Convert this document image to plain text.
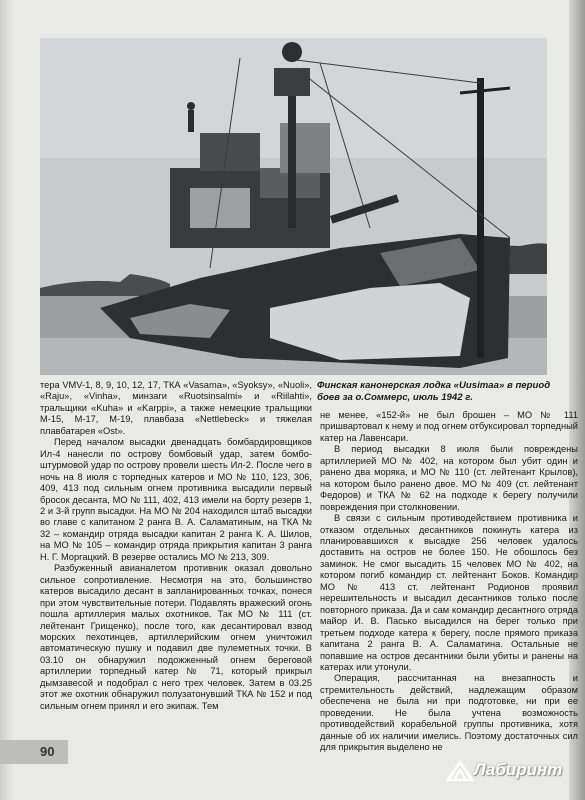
Финская канонерская лодка «Uusimaa» в период боев за о.Соммерс, июль 1942 г.

тера VMV-1, 8, 9, 10, 12, 17, ТКА «Vasama», «Syoksy», «Nuoli», «Raju», «Vinha», минзаги «Ruotsinsalmi» и «Riilahti», тральщики «Kuha» и «Karppi», а также немецкие тральщики М-15, М-17, М-19, плавбаза «Nettlebeck» и тяжелая плавбатарея «Ost».

Перед началом высадки двенадцать бомбардировщиков Ил-4 нанесли по острову бомбовый удар, затем бомбо-штурмовой удар по острову провели шесть Ил-2. После чего в ночь на 8 июля с торпедных катеров и МО № 110, 123, 306, 409, 413 под сильным огнем противника высадили первый бросок десанта, МО № 111, 402, 413 имели на борту резерв 1, 2 и 3-й групп высадки. На МО № 204 находился штаб высадки во главе с капитаном 2 ранга В. А. Саламатиным, на ТКА № 32 – командир отряда высадки капитан 2 ранга К. А. Шилов, на МО № 105 – командир отряда прикрытия капитан 3 ранга Н. Г. Моргацкий. В резерве остались МО № 213, 309.

Разбуженный авианалетом противник оказал довольно сильное сопротивление. Несмотря на это, большинство катеров высадило десант в запланированных точках, понеся при этом чувствительные потери. Подавлять вражеский огонь пошла артиллерия малых охотников. Так МО № 111 (ст. лейтенант Грищенко), после того, как десантировал взвод морских пехотинцев, артиллерийским огнем уничтожил автоматическую пушку и подавил две пулеметных точки. В 03.10 он обнаружил подожженный огнем береговой артиллерии торпедный катер № 71, который прикрыл дымзавесой и подобрал с него трех человек. Затем в 03.25 этот же охотник обнаружил полузатонувший ТКА № 152 и под сильным огнем принял и его экипаж. Тем

не менее, «152-й» не был брошен – МО № 111 пришвартовал к нему и под огнем отбуксировал торпедный катер на Лавенсари.

В период высадки 8 июля были повреждены артиллерией МО № 402, на котором был убит один и ранено два моряка, и МО № 110 (ст. лейтенант Крылов), на котором было ранено двое. МО № 409 (ст. лейтенант Федоров) и ТКА № 62 на подходе к берегу получили повреждения при столкновении.

В связи с сильным противодействием противника и отказом отдельных десантников покинуть катера из планировавшихся к высадке 256 человек удалось доставить на остров не более 150. Не обошлось без заминок. Не смог высадить 15 человек МО № 402, на котором погиб командир ст. лейтенант Боков. Командир МО № 413 ст. лейтенант Родионов проявил нерешительность и высадил десантников только после повторного приказа. Да и сам командир десантного отряда майор И. В. Пасько высадился на берег только при третьем подходе катера к берегу, после прямого приказа капитана 2 ранга В. А. Саламатина. Остальные не попавшие на остров десантники были убиты и ранены на катерах или утонули.

Операция, рассчитанная на внезапность и стремительность действий, надлежащим образом обеспечена не была ни при подготовке, ни при ее проведении. Не была учтена возможность противодействий корабельной группы противника, хотя данные об их наличии имелись. Поэтому достаточных сил для прикрытия выделено не

90
Лабиринт
